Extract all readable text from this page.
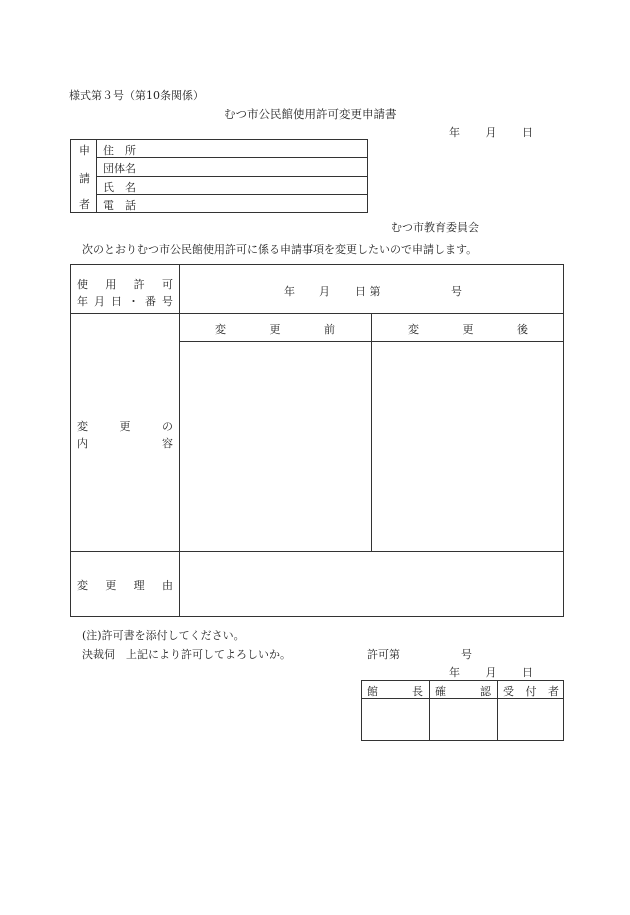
様式第３号（第10条関係）
むつ市公民館使用許可変更申請書
年 月 日
申
請
者
住　所
団体名
氏　名
電　話
むつ市教育委員会
次のとおりむつ市公民館使用許可に係る申請事項を変更したいので申請します。
使 用 許 可
年 月 日 ・ 番 号
年 月 日 第	号
変	更	前	変	更	後
変	更	の
内	容
変 更 理 由
(注)許可書を添付してください。
決裁伺　上記により許可してよろしいか。	許可第	号
年 月 日
館	長 確	認 受 付 者
